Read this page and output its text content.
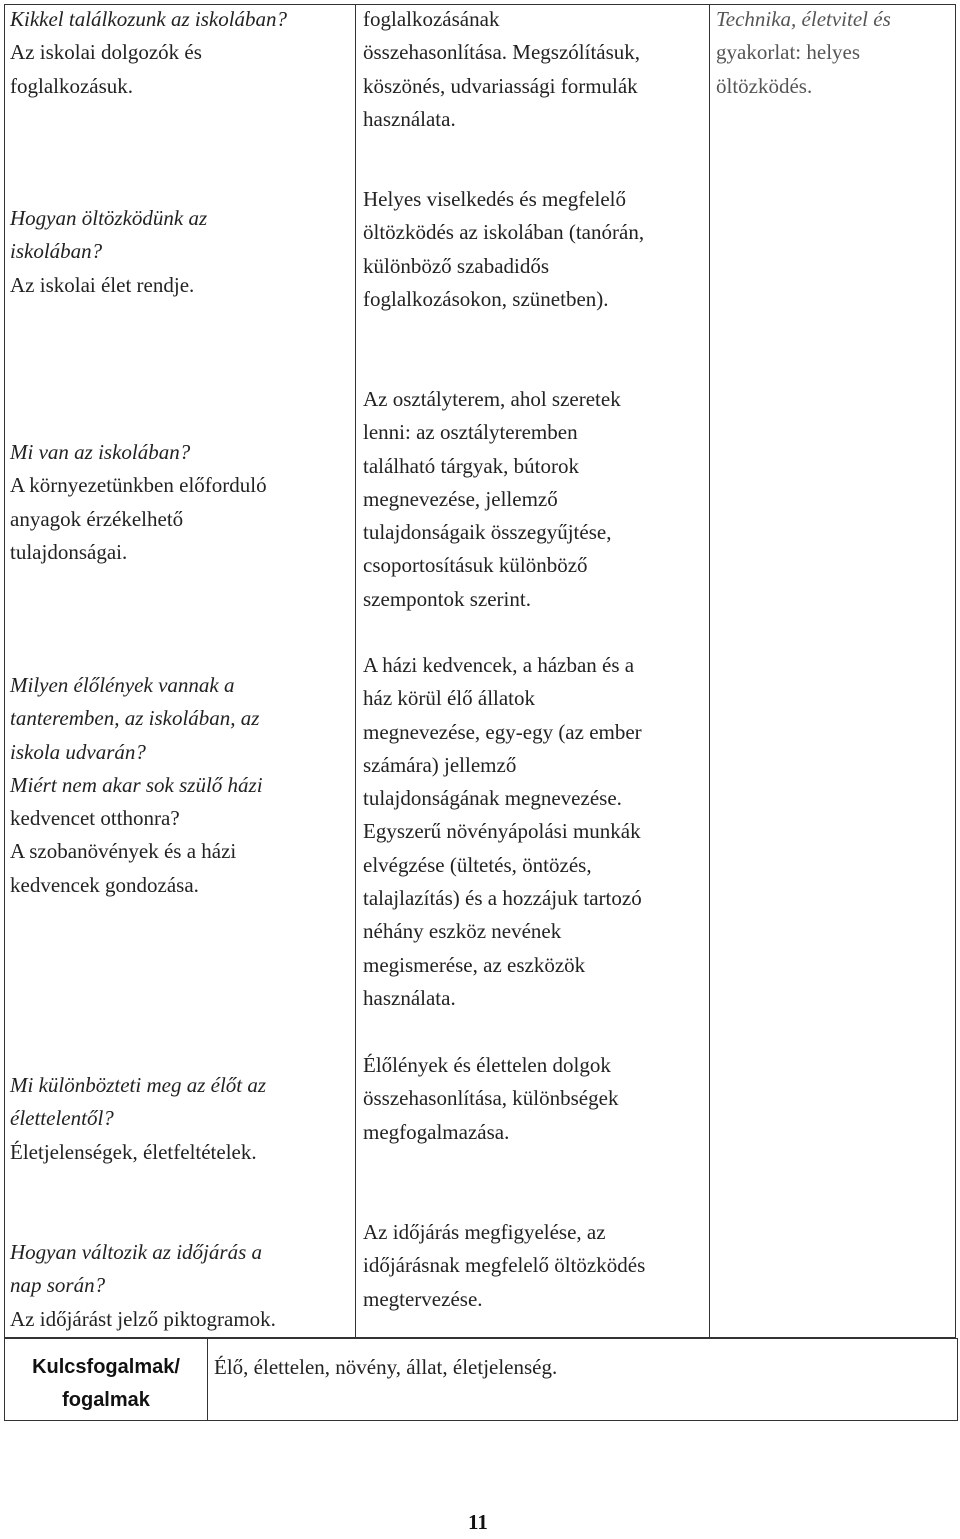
Kikkel találkozunk az iskolában?
Az iskolai dolgozók és
foglalkozásuk.
foglalkozásának
összehasonlítása. Megszólításuk,
köszönés, udvariassági formulák
használata.
Technika, életvitel és
gyakorlat: helyes
öltözködés.
Hogyan öltözködünk az
iskolában?
Az iskolai élet rendje.
Helyes viselkedés és megfelelő
öltözködés az iskolában (tanórán,
különböző szabadidős
foglalkozásokon, szünetben).
Mi van az iskolában?
A környezetünkben előforduló
anyagok érzékelhető
tulajdonságai.
Az osztályterem, ahol szeretek
lenni: az osztályteremben
található tárgyak, bútorok
megnevezése, jellemző
tulajdonságaik összegyűjtése,
csoportosításuk különböző
szempontok szerint.
Milyen élőlények vannak a
tanteremben, az iskolában, az
iskola udvarán?
Miért nem akar sok szülő házi
kedvencet otthonra?
A szobanövények és a házi
kedvencek gondozása.
A házi kedvencek, a házban és a
ház körül élő állatok
megnevezése, egy-egy (az ember
számára) jellemző
tulajdonságának megnevezése.
Egyszerű növényápolási munkák
elvégzése (ültetés, öntözés,
talajlazítás) és a hozzájuk tartozó
néhány eszköz nevének
megismerése, az eszközök
használata.
Mi különbözteti meg az élőt az
élettelentől?
Életjelenségek, életfeltételek.
Élőlények és élettelen dolgok
összehasonlítása, különbségek
megfogalmazása.
Hogyan változik az időjárás a
nap során?
Az időjárást jelző piktogramok.
Az időjárás megfigyelése, az
időjárásnak megfelelő öltözködés
megtervezése.
Kulcsfogalmak/
fogalmak
Élő, élettelen, növény, állat, életjelenség.
11
